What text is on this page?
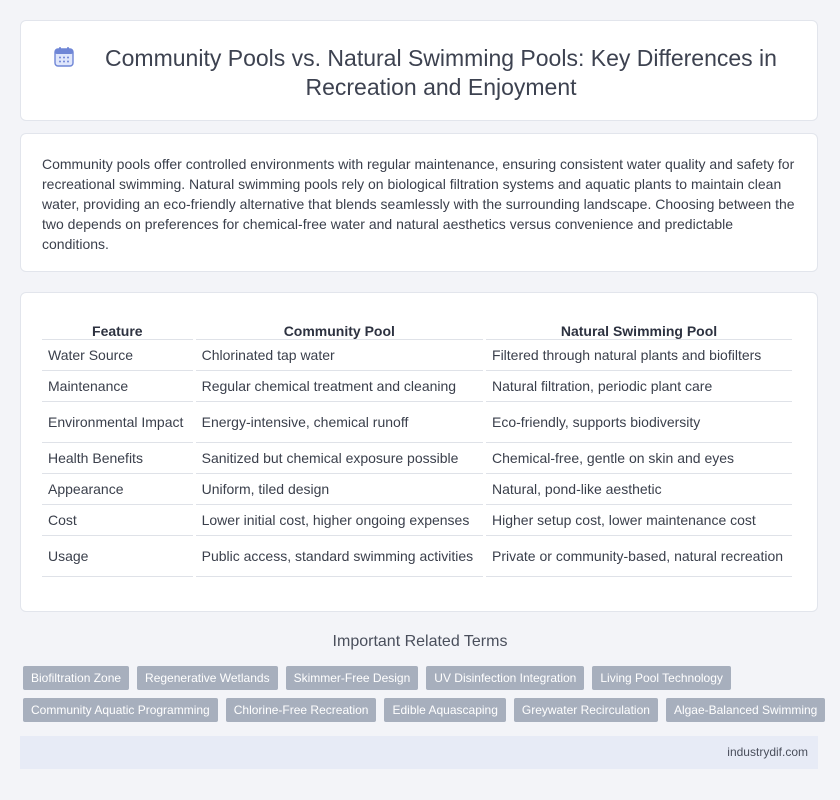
Community Pools vs. Natural Swimming Pools: Key Differences in Recreation and Enjoyment

Community pools offer controlled environments with regular maintenance, ensuring consistent water quality and safety for recreational swimming. Natural swimming pools rely on biological filtration systems and aquatic plants to maintain clean water, providing an eco-friendly alternative that blends seamlessly with the surrounding landscape. Choosing between the two depends on preferences for chemical-free water and natural aesthetics versus convenience and predictable conditions.

Feature	Community Pool	Natural Swimming Pool
Water Source	Chlorinated tap water	Filtered through natural plants and biofilters
Maintenance	Regular chemical treatment and cleaning	Natural filtration, periodic plant care
Environmental Impact	Energy-intensive, chemical runoff	Eco-friendly, supports biodiversity
Health Benefits	Sanitized but chemical exposure possible	Chemical-free, gentle on skin and eyes
Appearance	Uniform, tiled design	Natural, pond-like aesthetic
Cost	Lower initial cost, higher ongoing expenses	Higher setup cost, lower maintenance cost
Usage	Public access, standard swimming activities	Private or community-based, natural recreation
Important Related Terms
Biofiltration Zone	Regenerative Wetlands	Skimmer-Free Design	UV Disinfection Integration	Living Pool Technology
Community Aquatic Programming	Chlorine-Free Recreation	Edible Aquascaping	Greywater Recirculation	Algae-Balanced Swimming
industrydif.com
